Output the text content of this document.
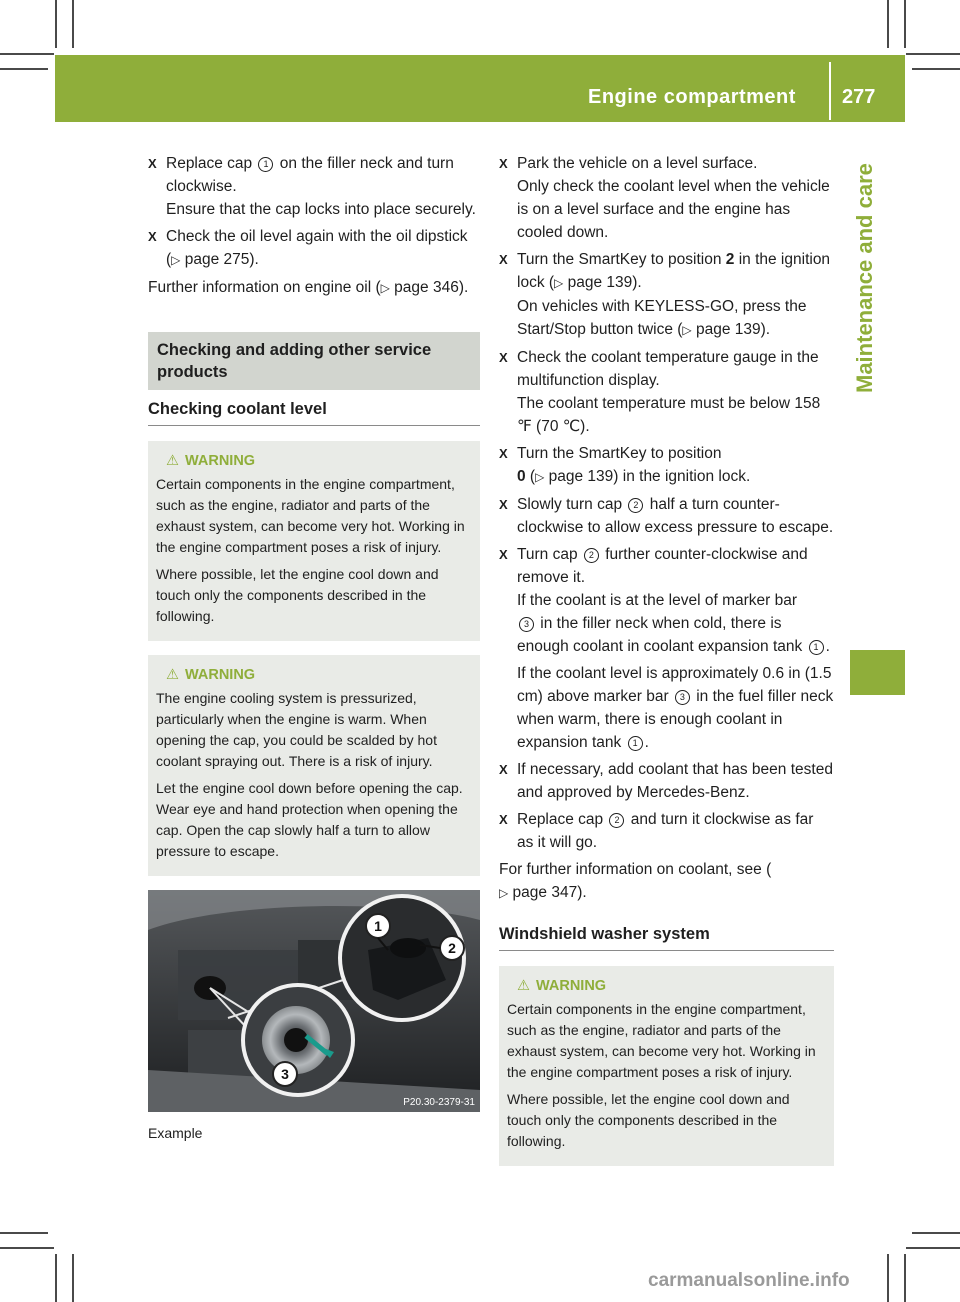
Engine compartment 277
Maintenance and care
X Replace cap 1 on the filler neck and turn clockwise.
Ensure that the cap locks into place securely.
X Check the oil level again with the oil dipstick (▷ page 275).
Further information on engine oil (▷ page 346).
Checking and adding other service products
Checking coolant level
⚠ WARNING

Certain components in the engine compartment, such as the engine, radiator and parts of the exhaust system, can become very hot. Working in the engine compartment poses a risk of injury.

Where possible, let the engine cool down and touch only the components described in the following.

⚠ WARNING

The engine cooling system is pressurized, particularly when the engine is warm. When opening the cap, you could be scalded by hot coolant spraying out. There is a risk of injury.

Let the engine cool down before opening the cap. Wear eye and hand protection when opening the cap. Open the cap slowly half a turn to allow pressure to escape.

1
2
3
P20.30-2379-31
Example
X Park the vehicle on a level surface.
Only check the coolant level when the vehicle is on a level surface and the engine has cooled down.
X Turn the SmartKey to position 2 in the ignition lock (▷ page 139).
On vehicles with KEYLESS-GO, press the Start/Stop button twice (▷ page 139).
X Check the coolant temperature gauge in the multifunction display.
The coolant temperature must be below 158 ℉ (70 ℃).
X Turn the SmartKey to position
0 (▷ page 139) in the ignition lock.
X Slowly turn cap 2 half a turn counter-clockwise to allow excess pressure to escape.
X Turn cap 2 further counter-clockwise and remove it.
If the coolant is at the level of marker bar
3 in the filler neck when cold, there is enough coolant in coolant expansion tank 1 .
If the coolant level is approximately 0.6 in (1.5 cm) above marker bar 3 in the fuel filler neck when warm, there is enough coolant in expansion tank 1 .
X If necessary, add coolant that has been tested and approved by Mercedes-Benz.
X Replace cap 2 and turn it clockwise as far as it will go.
For further information on coolant, see (
▷ page 347).
Windshield washer system
⚠ WARNING

Certain components in the engine compartment, such as the engine, radiator and parts of the exhaust system, can become very hot. Working in the engine compartment poses a risk of injury.

Where possible, let the engine cool down and touch only the components described in the following.

carmanualsonline.info
